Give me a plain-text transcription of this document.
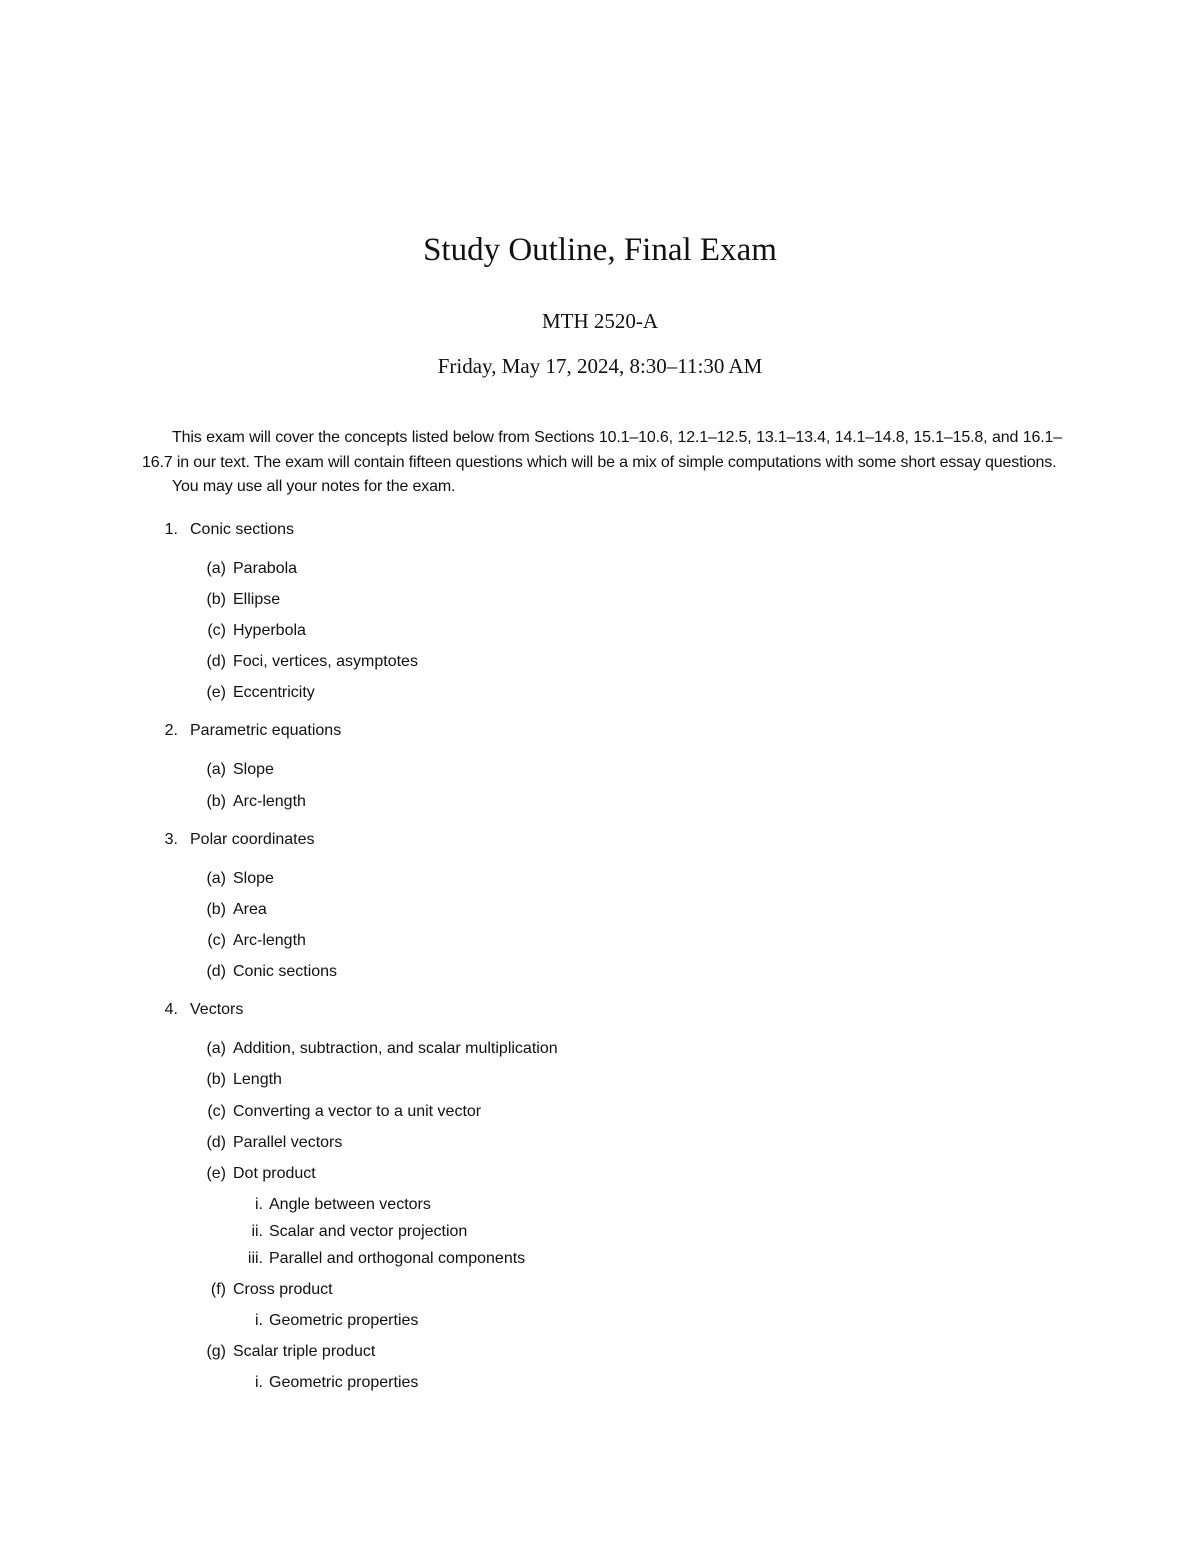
Study Outline, Final Exam
MTH 2520-A
Friday, May 17, 2024, 8:30–11:30 AM

This exam will cover the concepts listed below from Sections 10.1–10.6, 12.1–12.5, 13.1–13.4, 14.1–14.8, 15.1–15.8, and 16.1–16.7 in our text. The exam will contain fifteen questions which will be a mix of simple computations with some short essay questions.

You may use all your notes for the exam.

1. Conic sections
(a) Parabola
(b) Ellipse
(c) Hyperbola
(d) Foci, vertices, asymptotes
(e) Eccentricity
2. Parametric equations
(a) Slope
(b) Arc-length
3. Polar coordinates
(a) Slope
(b) Area
(c) Arc-length
(d) Conic sections
4. Vectors
(a) Addition, subtraction, and scalar multiplication
(b) Length
(c) Converting a vector to a unit vector
(d) Parallel vectors
(e) Dot product
i. Angle between vectors
ii. Scalar and vector projection
iii. Parallel and orthogonal components
(f) Cross product
i. Geometric properties
(g) Scalar triple product
i. Geometric properties
